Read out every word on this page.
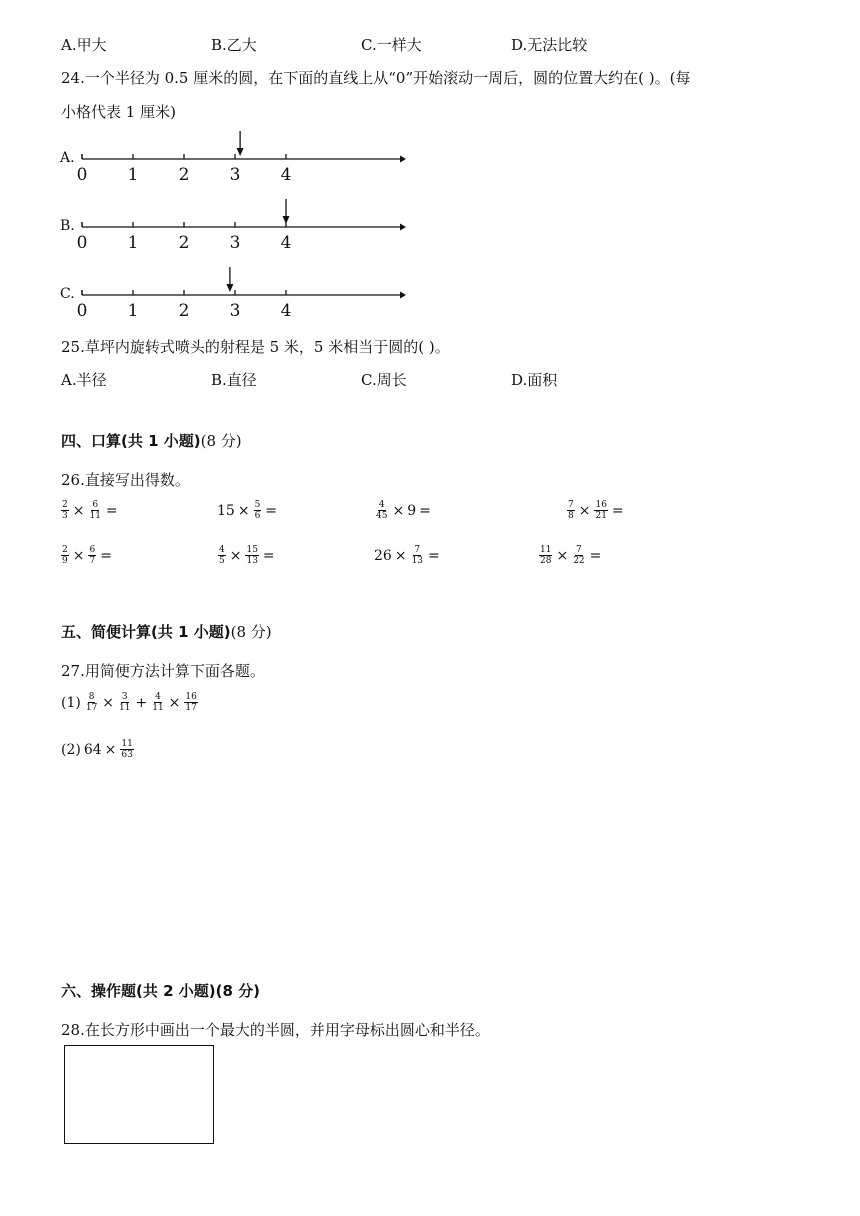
A.甲大	B.乙大	C.一样大	D.无法比较
24.一个半径为 0.5 厘米的圆，在下面的直线上从“0”开始滚动一周后，圆的位置大约在( )。(每
小格代表 1 厘米)
A.
0 1 2 3 4
B.
0 1 2 3 4
C.
0 1 2 3 4
25.草坪内旋转式喷头的射程是 5 米，5 米相当于圆的( )。
A.半径	B.直径	C.周长	D.面积
四、口算(共 1 小题)(8 分)
26.直接写出得数。
$\frac{2}{3} \times \frac{6}{11}$ =	$15 \times \frac{5}{6}$ =	$\frac{4}{45} \times 9$ =	$\frac{7}{8} \times \frac{16}{21}$ =
$\frac{2}{9} \times \frac{6}{7}$ =	$\frac{4}{5} \times \frac{15}{13}$ =	$26 \times \frac{7}{13}$ =	$\frac{11}{28} \times \frac{7}{22}$ =
五、简便计算(共 1 小题)(8 分)
27.用简便方法计算下面各题。
$(1) \frac{8}{17} \times \frac{3}{11} + \frac{4}{11} \times \frac{16}{17}$
(2) $64 \times \frac{11}{63}$
六、操作题(共 2 小题)(8 分)
28.在长方形中画出一个最大的半圆，并用字母标出圆心和半径。
